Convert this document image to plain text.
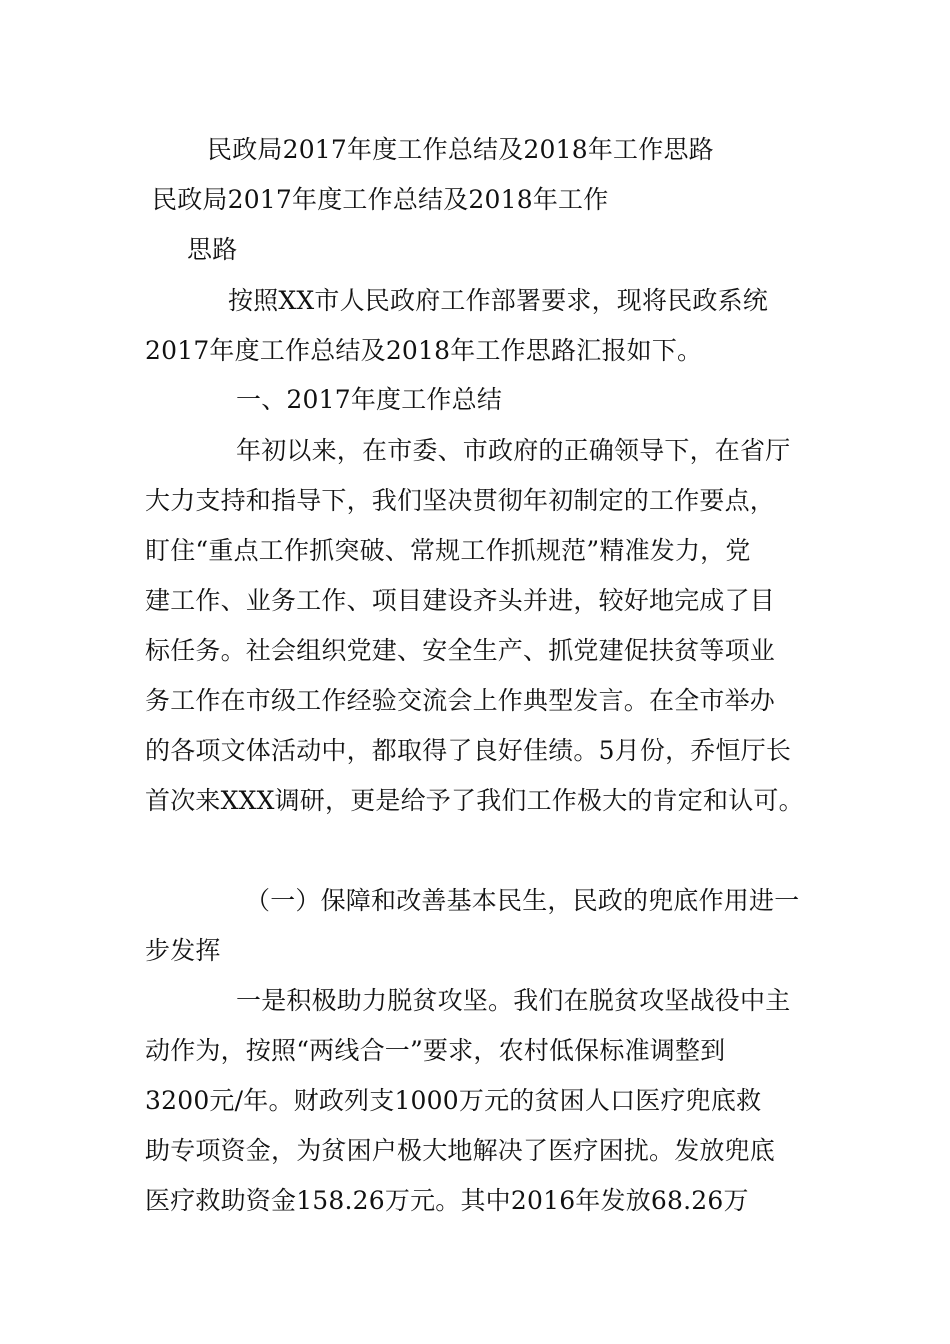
民政局2017年度工作总结及2018年工作思路
民政局2017年度工作总结及2018年工作
思路
按照XX市人民政府工作部署要求，现将民政系统
2017年度工作总结及2018年工作思路汇报如下。
一、2017年度工作总结
年初以来，在市委、市政府的正确领导下，在省厅
大力支持和指导下，我们坚决贯彻年初制定的工作要点，
盯住“重点工作抓突破、常规工作抓规范”精准发力，党
建工作、业务工作、项目建设齐头并进，较好地完成了目
标任务。社会组织党建、安全生产、抓党建促扶贫等项业
务工作在市级工作经验交流会上作典型发言。在全市举办
的各项文体活动中，都取得了良好佳绩。5月份，乔恒厅长
首次来XXX调研，更是给予了我们工作极大的肯定和认可。
（一）保障和改善基本民生，民政的兜底作用进一
步发挥
一是积极助力脱贫攻坚。我们在脱贫攻坚战役中主
动作为，按照“两线合一”要求，农村低保标准调整到
3200元/年。财政列支1000万元的贫困人口医疗兜底救
助专项资金，为贫困户极大地解决了医疗困扰。发放兜底
医疗救助资金158.26万元。其中2016年发放68.26万
